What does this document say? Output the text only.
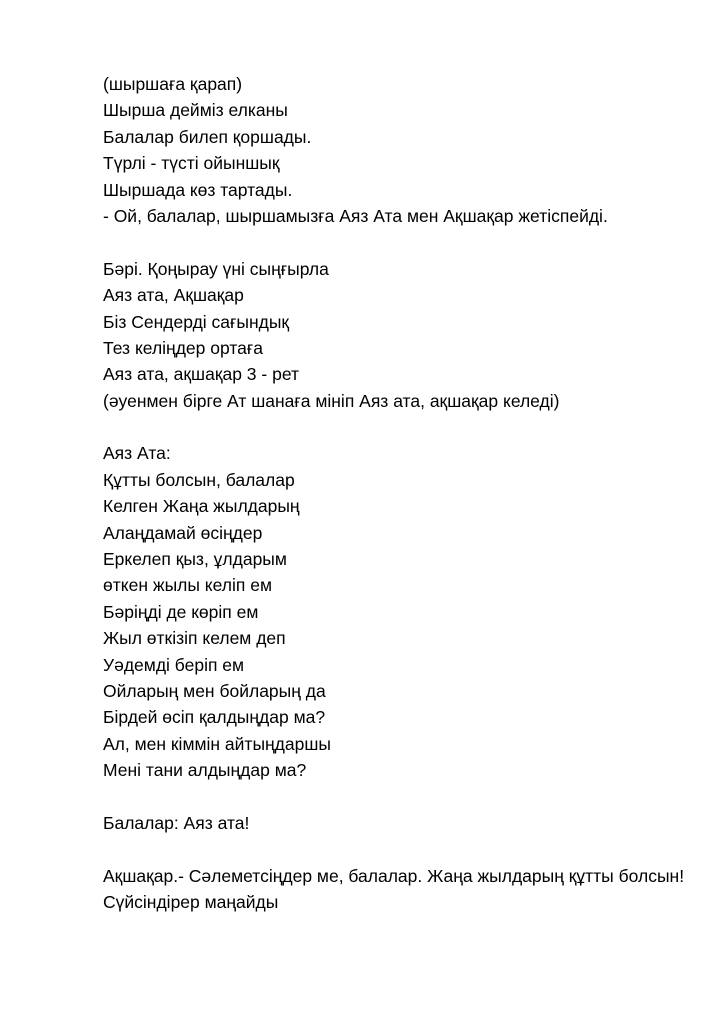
(шыршаға қарап)
Шырша дейміз елканы
Балалар билеп қоршады.
Түрлі - түсті ойыншық
Шыршада көз тартады.
- Ой, балалар, шыршамызға Аяз Ата мен Ақшақар жетіспейді.
Бәрі. Қоңырау үні сыңғырла
Аяз ата, Ақшақар
Біз Сендерді сағындық
Тез келіңдер ортаға
Аяз ата, ақшақар 3 - рет
(әуенмен бірге Ат шанаға мініп Аяз ата, ақшақар келеді)
Аяз Ата:
Құтты болсын, балалар
Келген Жаңа жылдарың
Алаңдамай өсіңдер
Еркелеп қыз, ұлдарым
өткен жылы келіп ем
Бәріңді де көріп ем
Жыл өткізіп келем деп
Уәдемді беріп ем
Ойларың мен бойларың да
Бірдей өсіп қалдыңдар ма?
Ал, мен кіммін айтыңдаршы
Мені тани алдыңдар ма?
Балалар: Аяз ата!
Ақшақар.- Сәлеметсіңдер ме, балалар. Жаңа жылдарың құтты болсын!
Сүйсіндірер маңайды
